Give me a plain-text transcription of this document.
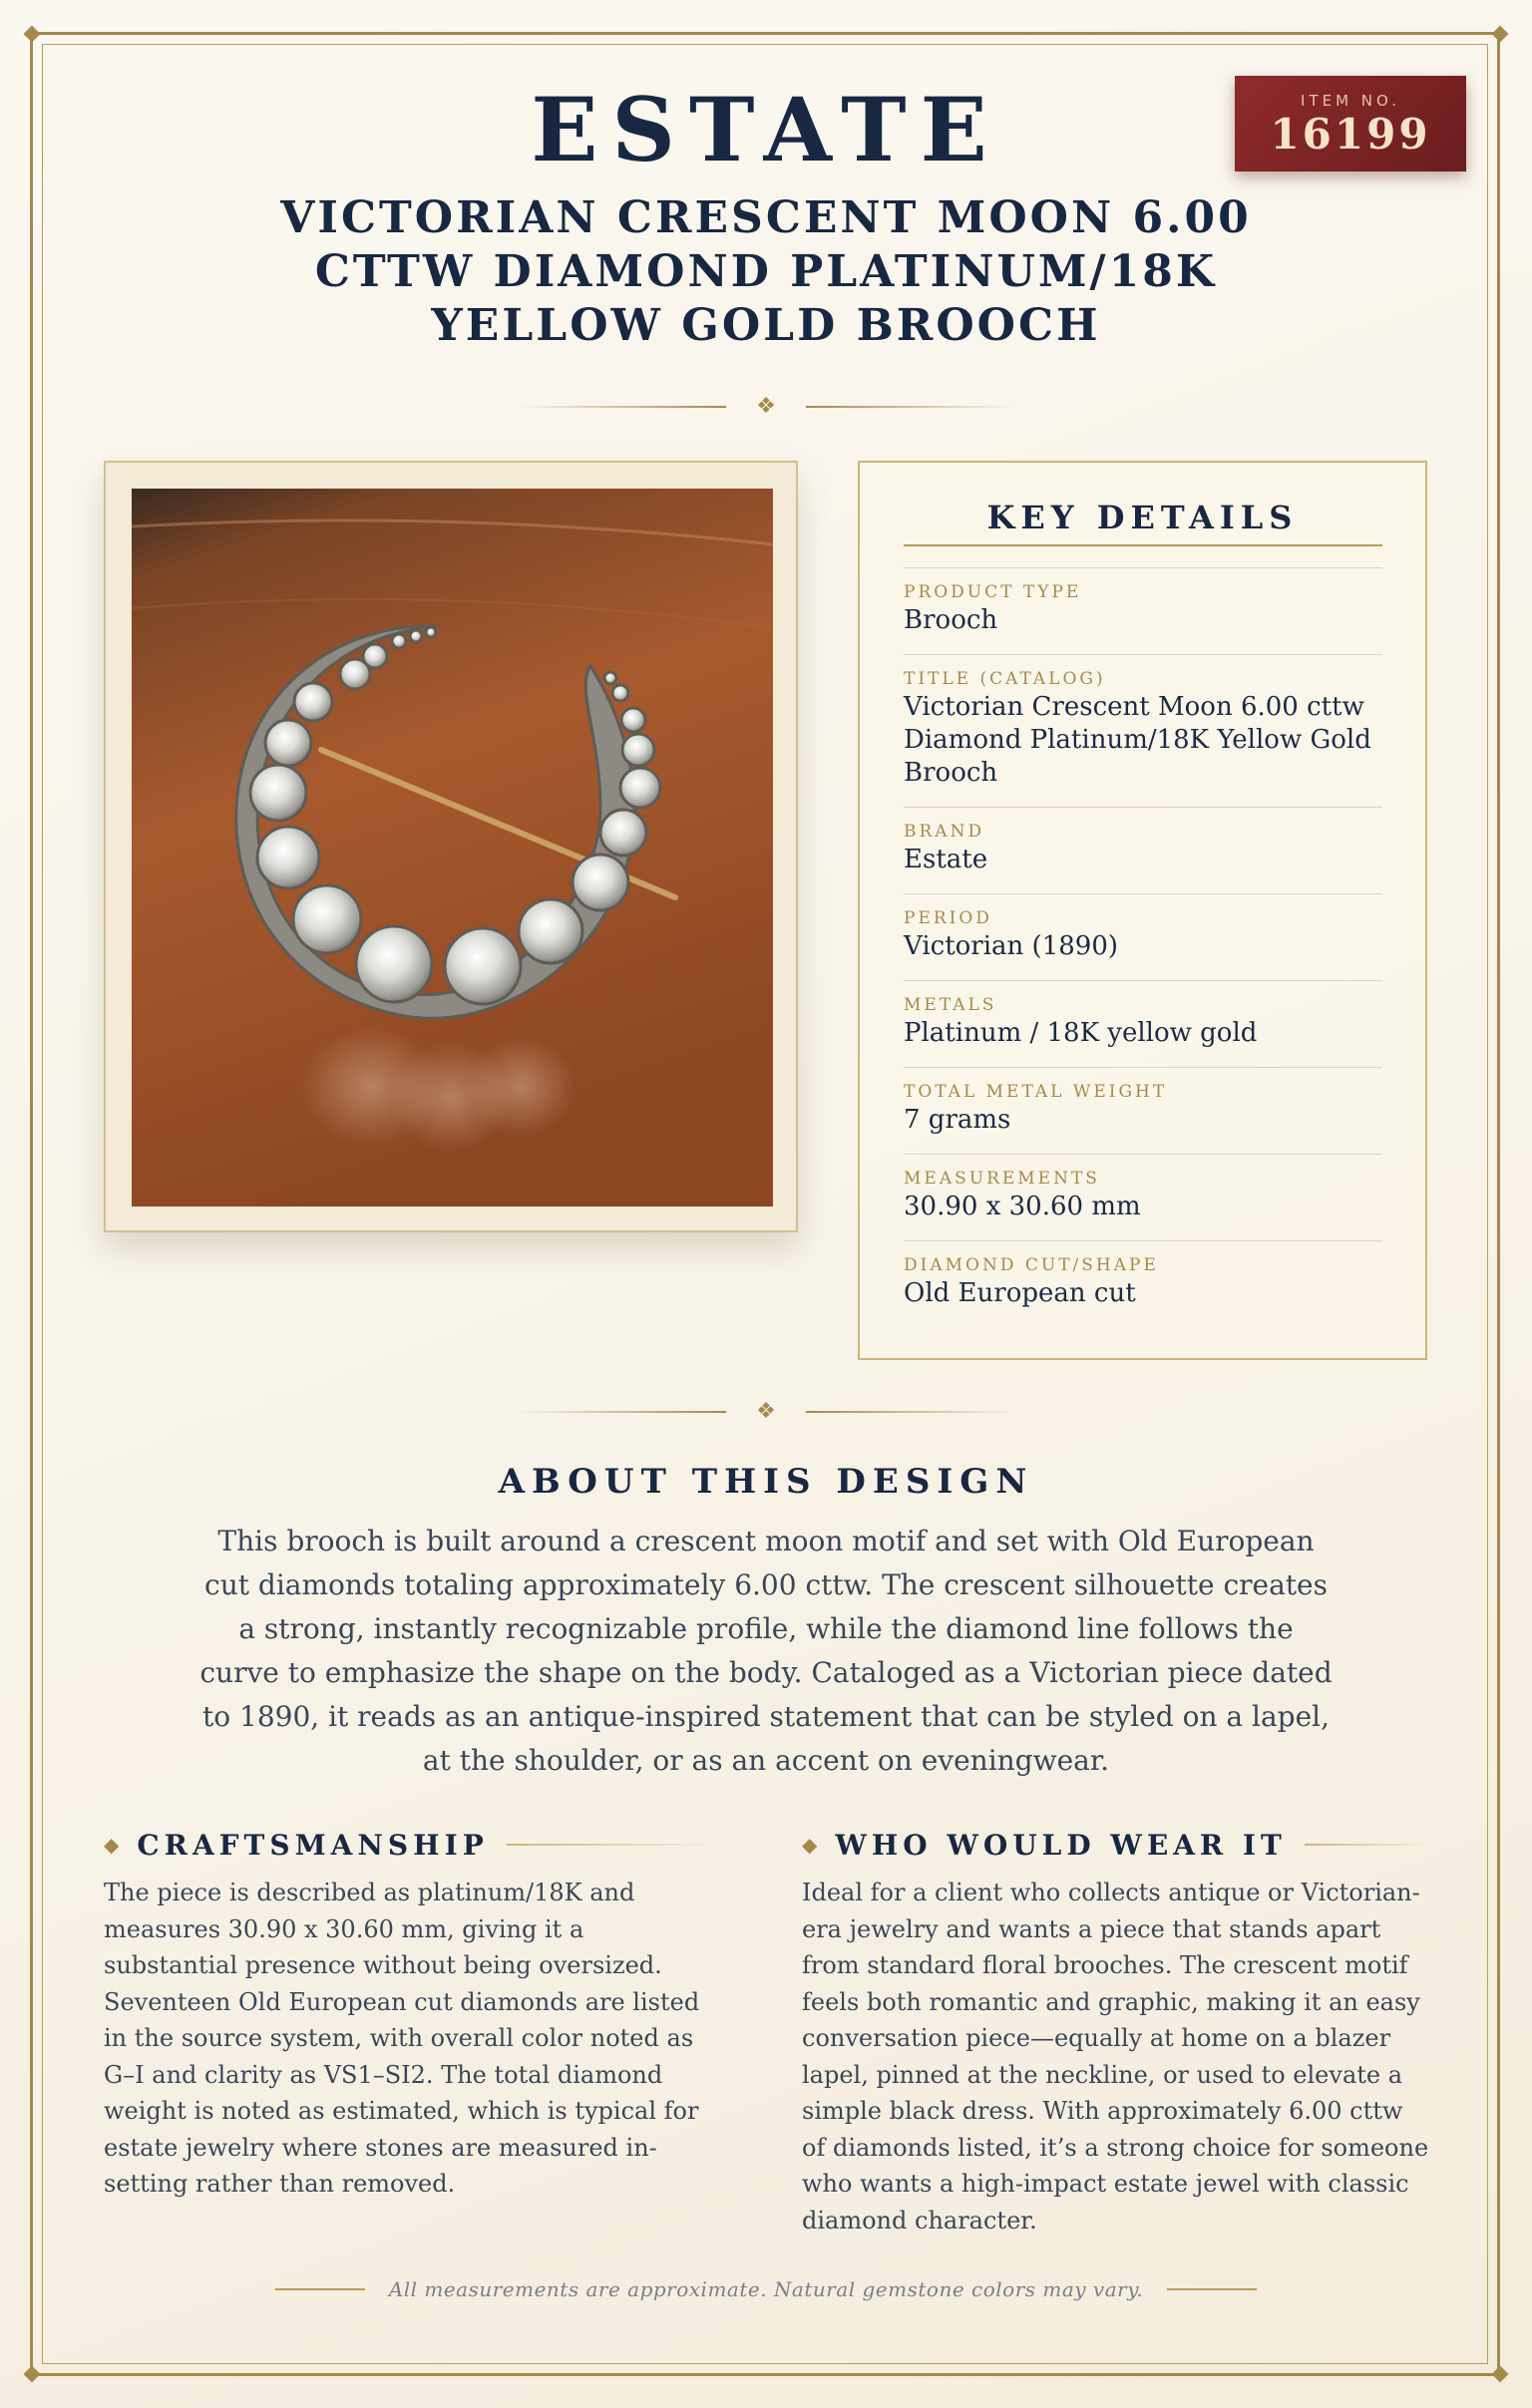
ESTATE
VICTORIAN CRESCENT MOON 6.00 CTTW DIAMOND PLATINUM/18K YELLOW GOLD BROOCH
ITEM NO.
16199
❖
KEY DETAILS
PRODUCT TYPE
Brooch
TITLE (CATALOG)
Victorian Crescent Moon 6.00 cttw Diamond Platinum/18K Yellow Gold Brooch
BRAND
Estate
PERIOD
Victorian (1890)
METALS
Platinum / 18K yellow gold
TOTAL METAL WEIGHT
7 grams
MEASUREMENTS
30.90 x 30.60 mm
DIAMOND CUT/SHAPE
Old European cut
❖
ABOUT THIS DESIGN
This brooch is built around a crescent moon motif and set with Old European cut diamonds totaling approximately 6.00 cttw. The crescent silhouette creates a strong, instantly recognizable profile, while the diamond line follows the curve to emphasize the shape on the body. Cataloged as a Victorian piece dated to 1890, it reads as an antique-inspired statement that can be styled on a lapel, at the shoulder, or as an accent on eveningwear.
◆ CRAFTSMANSHIP

The piece is described as platinum/18K and measures 30.90 x 30.60 mm, giving it a substantial presence without being oversized. Seventeen Old European cut diamonds are listed in the source system, with overall color noted as G–I and clarity as VS1–SI2. The total diamond weight is noted as estimated, which is typical for estate jewelry where stones are measured in-setting rather than removed.

◆ WHO WOULD WEAR IT

Ideal for a client who collects antique or Victorian-era jewelry and wants a piece that stands apart from standard floral brooches. The crescent motif feels both romantic and graphic, making it an easy conversation piece—equally at home on a blazer lapel, pinned at the neckline, or used to elevate a simple black dress. With approximately 6.00 cttw of diamonds listed, it’s a strong choice for someone who wants a high-impact estate jewel with classic diamond character.

All measurements are approximate. Natural gemstone colors may vary.
